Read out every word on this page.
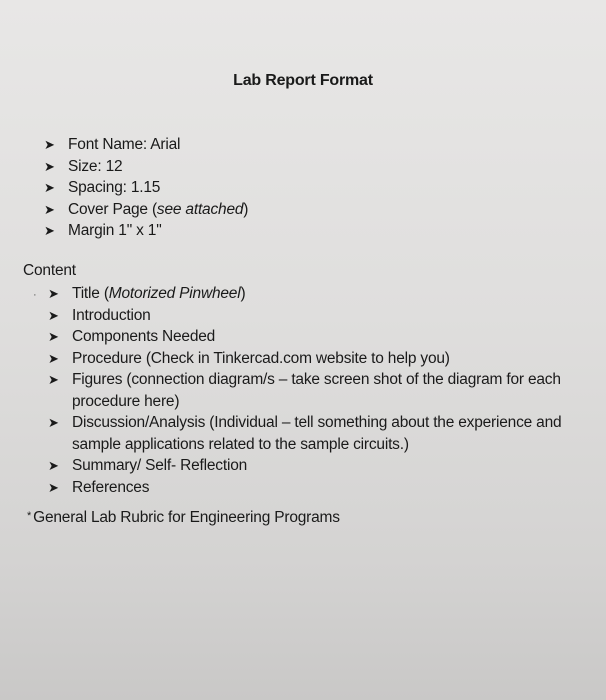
Lab Report Format
➤ Font Name: Arial
➤ Size: 12
➤ Spacing: 1.15
➤ Cover Page (see attached)
➤ Margin 1" x 1"
Content
· ➤ Title (Motorized Pinwheel)
➤ Introduction
➤ Components Needed
➤ Procedure (Check in Tinkercad.com website to help you)
➤ Figures (connection diagram/s – take screen shot of the diagram for each procedure here)
➤ Discussion/Analysis (Individual – tell something about the experience and sample applications related to the sample circuits.)
➤ Summary/ Self- Reflection
➤ References
* General Lab Rubric for Engineering Programs
